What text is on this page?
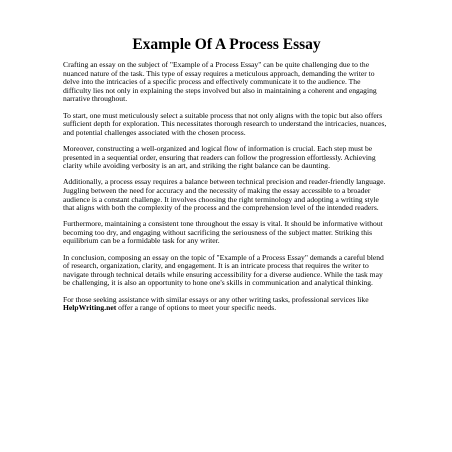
Example Of A Process Essay

Crafting an essay on the subject of "Example of a Process Essay" can be quite challenging due to the nuanced nature of the task. This type of essay requires a meticulous approach, demanding the writer to delve into the intricacies of a specific process and effectively communicate it to the audience. The difficulty lies not only in explaining the steps involved but also in maintaining a coherent and engaging narrative throughout.

To start, one must meticulously select a suitable process that not only aligns with the topic but also offers sufficient depth for exploration. This necessitates thorough research to understand the intricacies, nuances, and potential challenges associated with the chosen process.

Moreover, constructing a well-organized and logical flow of information is crucial. Each step must be presented in a sequential order, ensuring that readers can follow the progression effortlessly. Achieving clarity while avoiding verbosity is an art, and striking the right balance can be daunting.

Additionally, a process essay requires a balance between technical precision and reader-friendly language. Juggling between the need for accuracy and the necessity of making the essay accessible to a broader audience is a constant challenge. It involves choosing the right terminology and adopting a writing style that aligns with both the complexity of the process and the comprehension level of the intended readers.

Furthermore, maintaining a consistent tone throughout the essay is vital. It should be informative without becoming too dry, and engaging without sacrificing the seriousness of the subject matter. Striking this equilibrium can be a formidable task for any writer.

In conclusion, composing an essay on the topic of "Example of a Process Essay" demands a careful blend of research, organization, clarity, and engagement. It is an intricate process that requires the writer to navigate through technical details while ensuring accessibility for a diverse audience. While the task may be challenging, it is also an opportunity to hone one's skills in communication and analytical thinking.

For those seeking assistance with similar essays or any other writing tasks, professional services like HelpWriting.net offer a range of options to meet your specific needs.
